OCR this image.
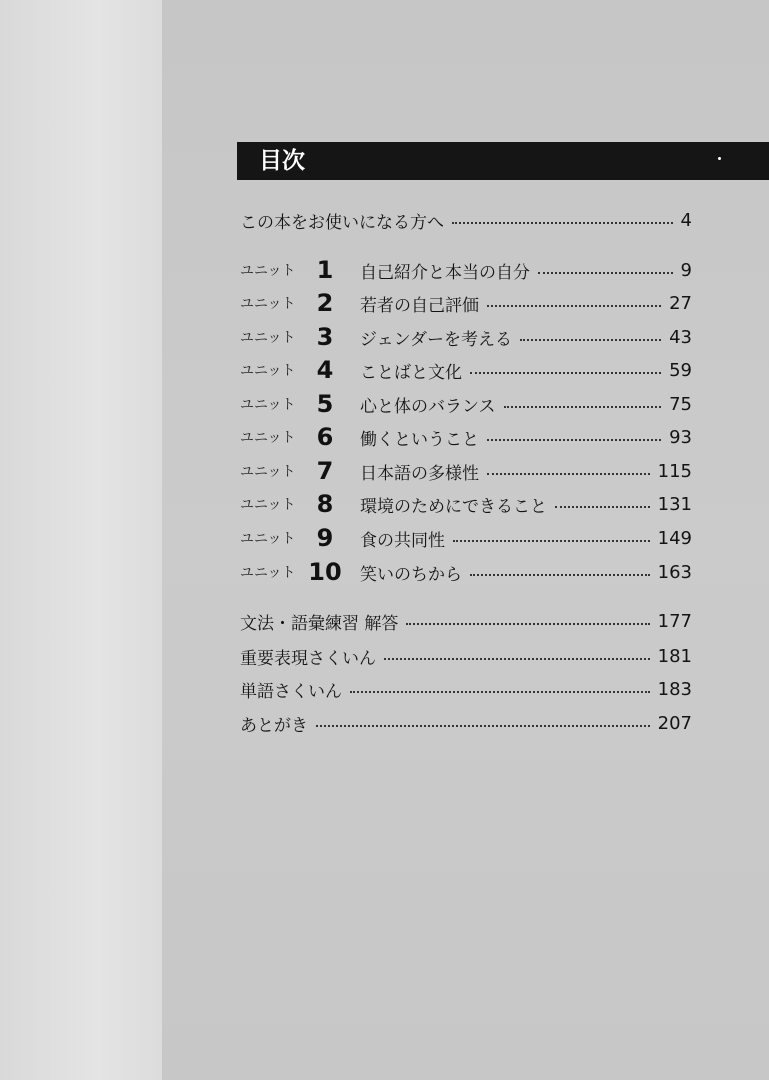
目次
この本をお使いになる方へ	4
ユニット 1	自己紹介と本当の自分	9
ユニット 2	若者の自己評価	27
ユニット 3	ジェンダーを考える	43
ユニット 4	ことばと文化	59
ユニット 5	心と体のバランス	75
ユニット 6	働くということ	93
ユニット 7	日本語の多様性	115
ユニット 8	環境のためにできること	131
ユニット 9	食の共同性	149
ユニット 10	笑いのちから	163
文法・語彙練習 解答	177
重要表現さくいん	181
単語さくいん	183
あとがき	207
